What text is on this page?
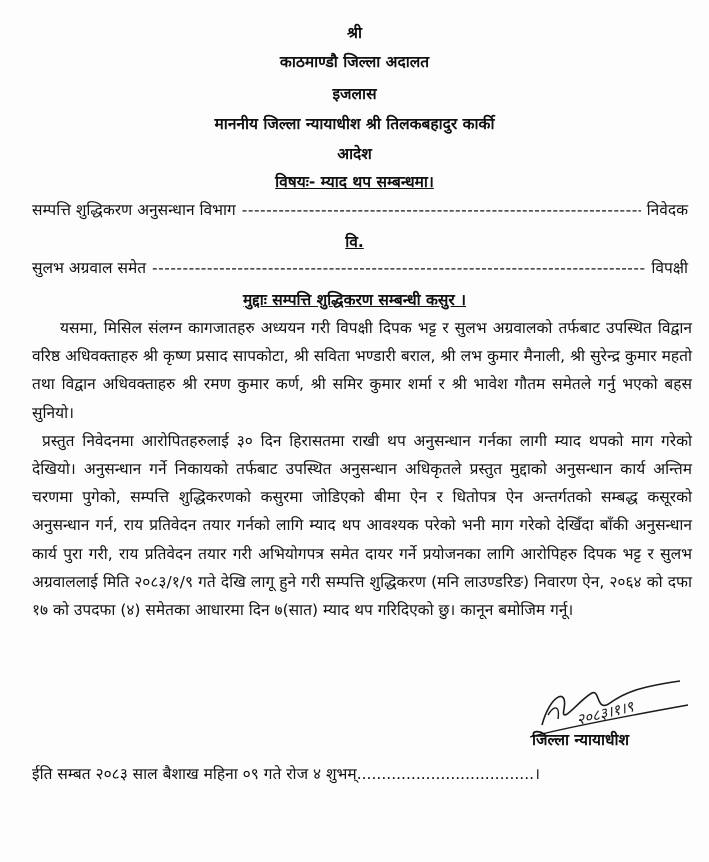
श्री
काठमाण्डौ जिल्ला अदालत
इजलास
माननीय जिल्ला न्यायाधीश श्री तिलकबहादुर कार्की
आदेश
विषयः- म्याद थप सम्बन्धमा।
सम्पत्ति शुद्धिकरण अनुसन्धान विभाग -----	निवेदक
वि.
सुलभ अग्रवाल समेत -----	विपक्षी
मुद्दाः सम्पत्ति शुद्धिकरण सम्बन्धी कसुर ।

यसमा, मिसिल संलग्न कागजातहरु अध्ययन गरी विपक्षी दिपक भट्ट र सुलभ अग्रवालको तर्फबाट उपस्थित विद्वान वरिष्ठ अधिवक्ताहरु श्री कृष्ण प्रसाद सापकोटा, श्री सविता भण्डारी बराल, श्री लभ कुमार मैनाली, श्री सुरेन्द्र कुमार महतो तथा विद्वान अधिवक्ताहरु श्री रमण कुमार कर्ण, श्री समिर कुमार शर्मा र श्री भावेश गौतम समेतले गर्नु भएको बहस सुनियो।

प्रस्तुत निवेदनमा आरोपितहरुलाई ३० दिन हिरासतमा राखी थप अनुसन्धान गर्नका लागी म्याद थपको माग गरेको देखियो। अनुसन्धान गर्ने निकायको तर्फबाट उपस्थित अनुसन्धान अधिकृतले प्रस्तुत मुद्दाको अनुसन्धान कार्य अन्तिम चरणमा पुगेको, सम्पत्ति शुद्धिकरणको कसुरमा जोडिएको बीमा ऐन र धितोपत्र ऐन अन्तर्गतको सम्बद्ध कसूरको अनुसन्धान गर्न, राय प्रतिवेदन तयार गर्नको लागि म्याद थप आवश्यक परेको भनी माग गरेको देखिँदा बाँकी अनुसन्धान कार्य पुरा गरी, राय प्रतिवेदन तयार गरी अभियोगपत्र समेत दायर गर्ने प्रयोजनका लागि आरोपिहरु दिपक भट्ट र सुलभ अग्रवाललाई मिति २०८३/१/९ गते देखि लागू हुने गरी सम्पत्ति शुद्धिकरण (मनि लाउण्डरिङ) निवारण ऐन, २०६४ को दफा १७ को उपदफा (४) समेतका आधारमा दिन ७(सात) म्याद थप गरिदिएको छु। कानून बमोजिम गर्नू।

२०८३।१।९
जिल्ला न्यायाधीश
ईति सम्बत २०८३ साल बैशाख महिना ०९ गते रोज ४ शुभम् .....	।
